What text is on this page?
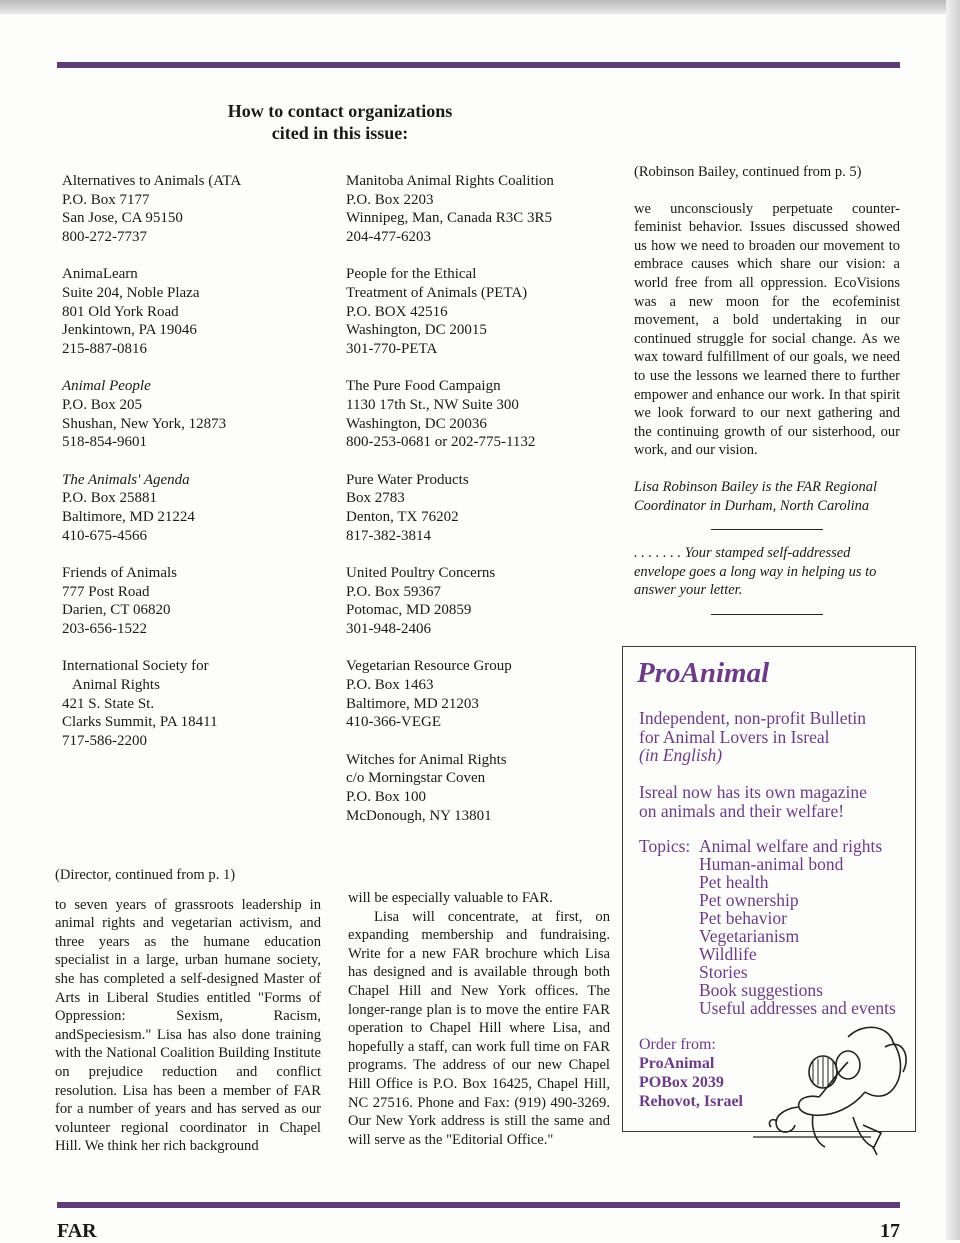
How to contact organizations
cited in this issue:
Alternatives to Animals (ATA
P.O. Box 7177
San Jose, CA 95150
800-272-7737
AnimaLearn
Suite 204, Noble Plaza
801 Old York Road
Jenkintown, PA 19046
215-887-0816
Animal People
P.O. Box 205
Shushan, New York, 12873
518-854-9601
The Animals' Agenda
P.O. Box 25881
Baltimore, MD 21224
410-675-4566
Friends of Animals
777 Post Road
Darien, CT 06820
203-656-1522
International Society for
Animal Rights
421 S. State St.
Clarks Summit, PA 18411
717-586-2200
Manitoba Animal Rights Coalition
P.O. Box 2203
Winnipeg, Man, Canada R3C 3R5
204-477-6203
People for the Ethical
Treatment of Animals (PETA)
P.O. BOX 42516
Washington, DC 20015
301-770-PETA
The Pure Food Campaign
1130 17th St., NW Suite 300
Washington, DC 20036
800-253-0681 or 202-775-1132
Pure Water Products
Box 2783
Denton, TX 76202
817-382-3814
United Poultry Concerns
P.O. Box 59367
Potomac, MD 20859
301-948-2406
Vegetarian Resource Group
P.O. Box 1463
Baltimore, MD 21203
410-366-VEGE
Witches for Animal Rights
c/o Morningstar Coven
P.O. Box 100
McDonough, NY 13801
(Robinson Bailey, continued from p. 5)
we unconsciously perpetuate counter-feminist behavior. Issues discussed showed us how we need to broaden our movement to embrace causes which share our vision: a world free from all oppression. EcoVisions was a new moon for the ecofeminist movement, a bold undertaking in our continued struggle for social change. As we wax toward fulfillment of our goals, we need to use the lessons we learned there to further empower and enhance our work. In that spirit we look forward to our next gathering and the continuing growth of our sisterhood, our work, and our vision.
Lisa Robinson Bailey is the FAR Regional Coordinator in Durham, North Carolina
. . . . . . . Your stamped self-addressed envelope goes a long way in helping us to answer your letter.
ProAnimal
Independent, non-profit Bulletin
for Animal Lovers in Isreal
(in English)
Isreal now has its own magazine
on animals and their welfare!
Topics: Animal welfare and rights
Human-animal bond
Pet health
Pet ownership
Pet behavior
Vegetarianism
Wildlife
Stories
Book suggestions
Useful addresses and events
Order from:
ProAnimal
POBox 2039
Rehovot, Israel
(Director, continued from p. 1)
to seven years of grassroots leadership in animal rights and vegetarian activism, and three years as the humane education specialist in a large, urban humane society, she has completed a self-designed Master of Arts in Liberal Studies entitled "Forms of Oppression: Sexism, Racism, andSpeciesism." Lisa has also done training with the National Coalition Building Institute on prejudice reduction and conflict resolution. Lisa has been a member of FAR for a number of years and has served as our volunteer regional coordinator in Chapel Hill. We think her rich background
will be especially valuable to FAR.
Lisa will concentrate, at first, on expanding membership and fundraising. Write for a new FAR brochure which Lisa has designed and is available through both Chapel Hill and New York offices. The longer-range plan is to move the entire FAR operation to Chapel Hill where Lisa, and hopefully a staff, can work full time on FAR programs. The address of our new Chapel Hill Office is P.O. Box 16425, Chapel Hill, NC 27516. Phone and Fax: (919) 490-3269. Our New York address is still the same and will serve as the "Editorial Office."
FAR	17
